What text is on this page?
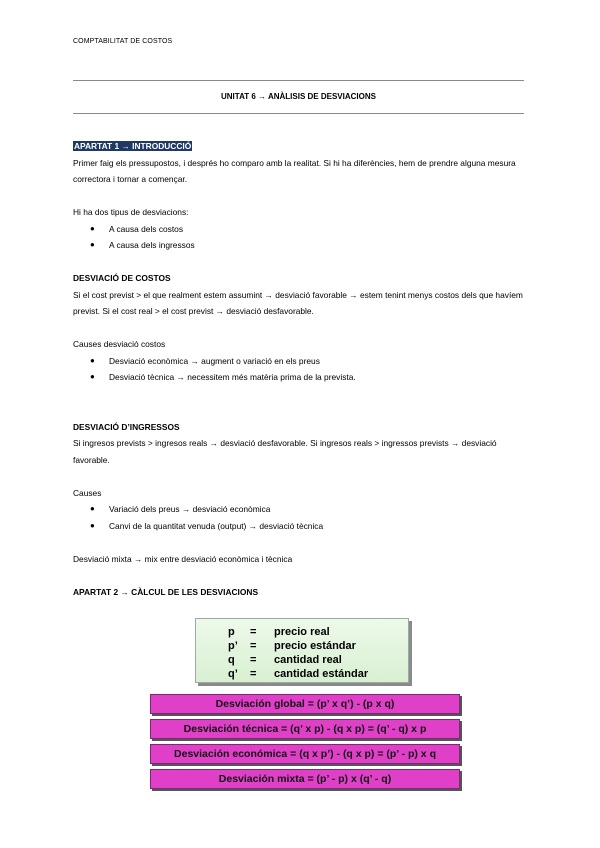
COMPTABILITAT DE COSTOS
UNITAT 6 → ANÀLISIS DE DESVIACIONS

APARTAT 1 → INTRODUCCIÓ

Primer faig els pressupostos, i després ho comparo amb la realitat. Si hi ha diferències, hem de prendre alguna mesura correctora i tornar a començar.

Hi ha dos tipus de desviacions:

● A causa dels costos
● A causa dels ingressos

DESVIACIÓ DE COSTOS

Si el cost previst > el que realment estem assumint → desviació favorable → estem tenint menys costos dels que havíem previst. Si el cost real > el cost previst → desviació desfavorable.

Causes desviació costos

● Desviació econòmica → augment o variació en els preus
● Desviació tècnica → necessitem més matèria prima de la prevista.

DESVIACIÓ D’INGRESSOS

Si ingresos prevists > ingresos reals → desviació desfavorable. Si ingresos reals > ingressos prevists → desviació favorable.

Causes

● Variació dels preus → desviació econòmica
● Canvi de la quantitat venuda (output) → desviació tècnica

Desviació mixta → mix entre desviació econòmica i tècnica

APARTAT 2 → CÀLCUL DE LES DESVIACIONS

p = precio real
p’ = precio estándar
q = cantidad real
q’ = cantidad estándar
Desviación global = (p’ x q’) - (p x q)
Desviación técnica = (q’ x p) - (q x p) = (q’ - q) x p
Desviación económica = (q x p’) - (q x p) = (p’ - p) x q
Desviación mixta = (p’ - p) x (q’ - q)
